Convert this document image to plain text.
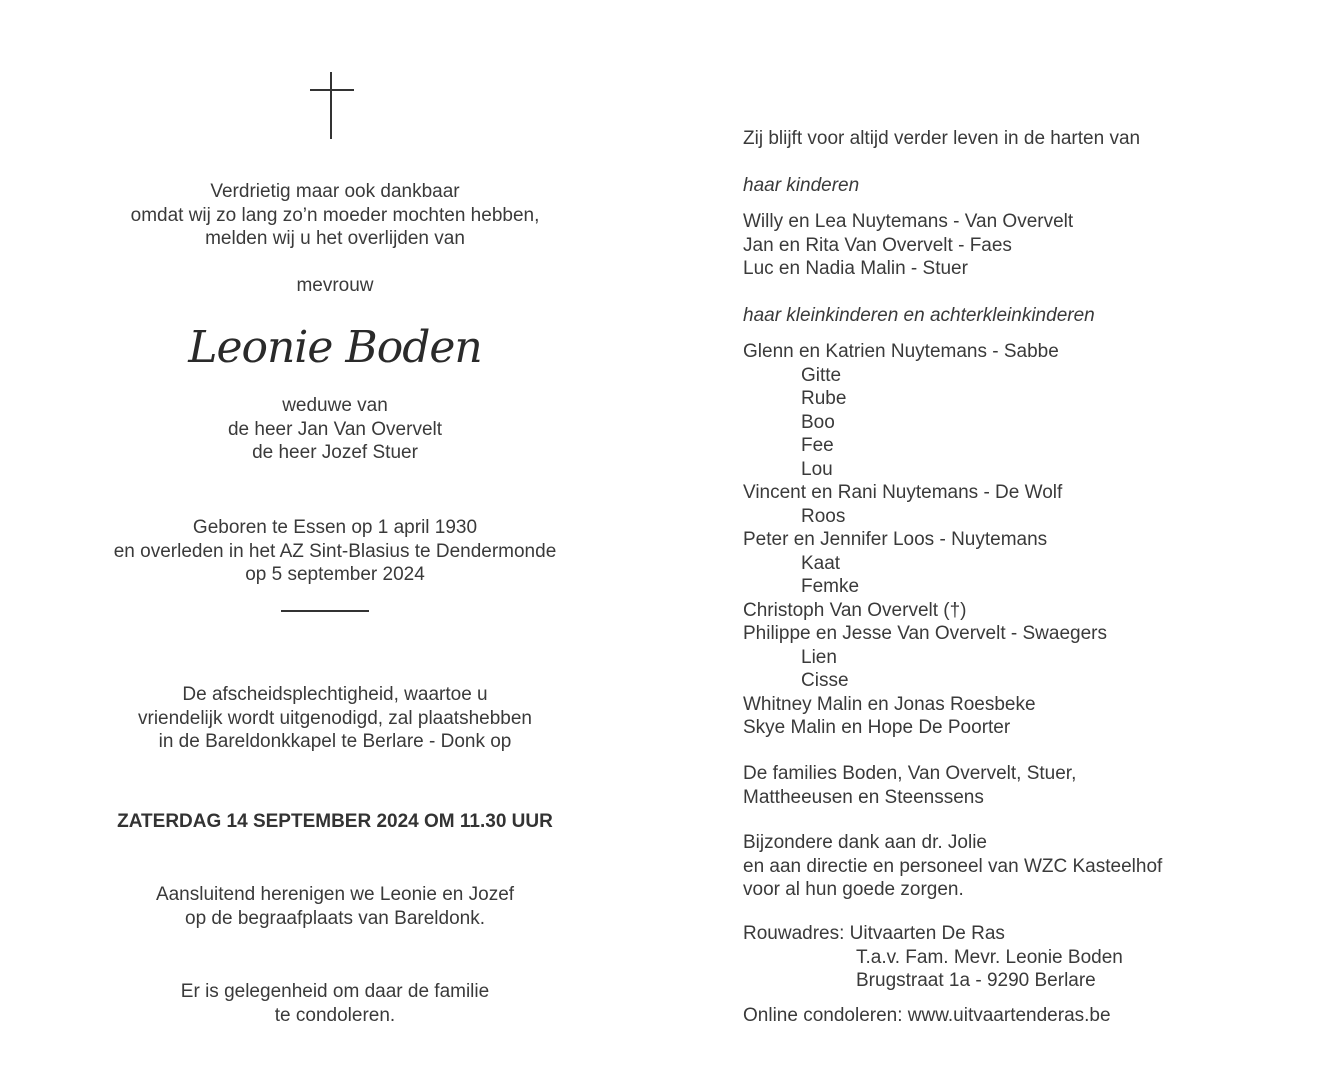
Verdrietig maar ook dankbaar
omdat wij zo lang zo’n moeder mochten hebben,
melden wij u het overlijden van
mevrouw
Leonie Boden
weduwe van
de heer Jan Van Overvelt
de heer Jozef Stuer
Geboren te Essen op 1 april 1930
en overleden in het AZ Sint-Blasius te Dendermonde
op 5 september 2024
De afscheidsplechtigheid, waartoe u
vriendelijk wordt uitgenodigd, zal plaatshebben
in de Bareldonkkapel te Berlare - Donk op
ZATERDAG 14 SEPTEMBER 2024 OM 11.30 UUR
Aansluitend herenigen we Leonie en Jozef
op de begraafplaats van Bareldonk.
Er is gelegenheid om daar de familie
te condoleren.
Zij blijft voor altijd verder leven in de harten van
haar kinderen
Willy en Lea Nuytemans - Van Overvelt
Jan en Rita Van Overvelt - Faes
Luc en Nadia Malin - Stuer
haar kleinkinderen en achterkleinkinderen
Glenn en Katrien Nuytemans - Sabbe
Gitte
Rube
Boo
Fee
Lou
Vincent en Rani Nuytemans - De Wolf
Roos
Peter en Jennifer Loos - Nuytemans
Kaat
Femke
Christoph Van Overvelt (†)
Philippe en Jesse Van Overvelt - Swaegers
Lien
Cisse
Whitney Malin en Jonas Roesbeke
Skye Malin en Hope De Poorter
De families Boden, Van Overvelt, Stuer,
Mattheeusen en Steenssens
Bijzondere dank aan dr. Jolie
en aan directie en personeel van WZC Kasteelhof
voor al hun goede zorgen.
Rouwadres: Uitvaarten De Ras
T.a.v. Fam. Mevr. Leonie Boden
Brugstraat 1a - 9290 Berlare
Online condoleren: www.uitvaartenderas.be
